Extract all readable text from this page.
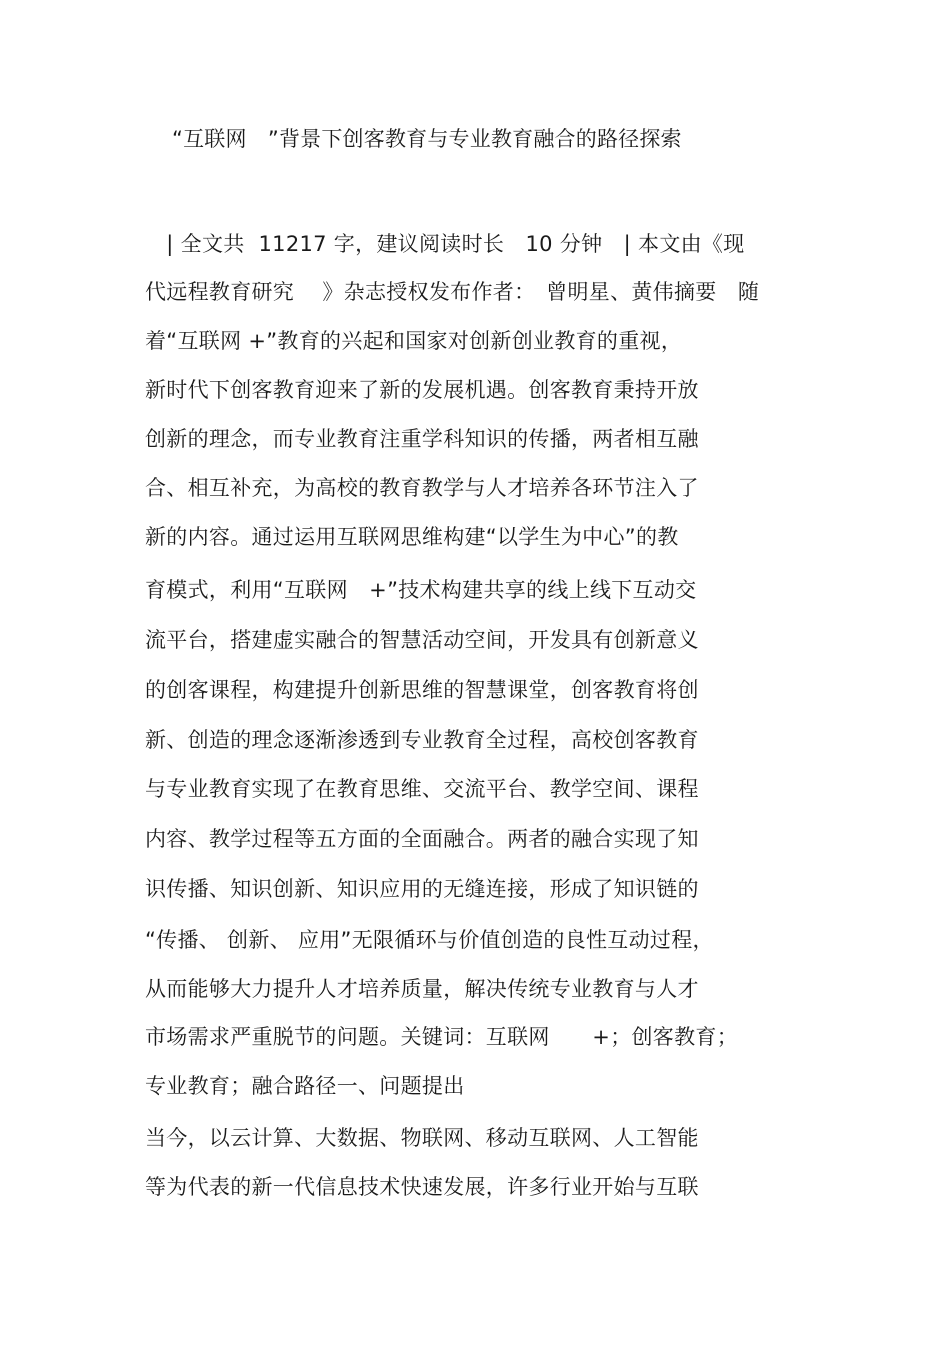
“互联网　”背景下创客教育与专业教育融合的路径探索
　| 全文共  11217 字，建议阅读时长　10 分钟　| 本文由《现
代远程教育研究　 》杂志授权发布作者：　曾明星、黄伟摘要　随
着“互联网 +”教育的兴起和国家对创新创业教育的重视，
新时代下创客教育迎来了新的发展机遇。创客教育秉持开放
创新的理念，而专业教育注重学科知识的传播，两者相互融
合、相互补充，为高校的教育教学与人才培养各环节注入了
新的内容。通过运用互联网思维构建“以学生为中心”的教
育模式，利用“互联网　+”技术构建共享的线上线下互动交
流平台，搭建虚实融合的智慧活动空间，开发具有创新意义
的创客课程，构建提升创新思维的智慧课堂，创客教育将创
新、创造的理念逐渐渗透到专业教育全过程，高校创客教育
与专业教育实现了在教育思维、交流平台、教学空间、课程
内容、教学过程等五方面的全面融合。两者的融合实现了知
识传播、知识创新、知识应用的无缝连接，形成了知识链的
“传播、 创新、 应用”无限循环与价值创造的良性互动过程，
从而能够大力提升人才培养质量，解决传统专业教育与人才
市场需求严重脱节的问题。关键词：互联网　　+；创客教育；
专业教育；融合路径一、问题提出
当今，以云计算、大数据、物联网、移动互联网、人工智能
等为代表的新一代信息技术快速发展，许多行业开始与互联
